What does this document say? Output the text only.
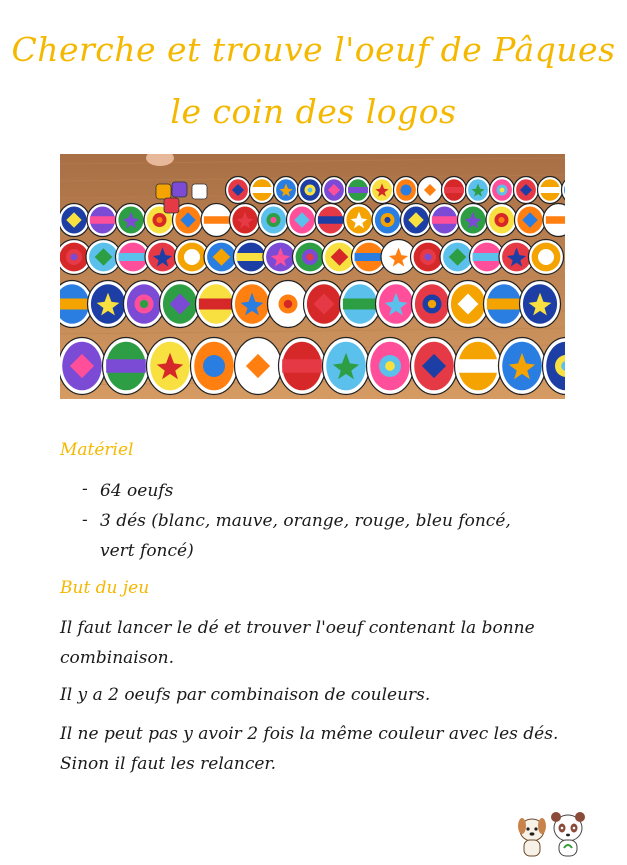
Cherche et trouve l'oeuf de Pâques
le coin des logos
Matériel
- 64 oeufs
- 3 dés (blanc, mauve, orange, rouge, bleu foncé, vert foncé)
But du jeu
Il faut lancer le dé et trouver l'oeuf contenant la bonne combinaison.
Il y a 2 oeufs par combinaison de couleurs.
Il ne peut pas y avoir 2 fois la même couleur avec les dés. Sinon il faut les relancer.
